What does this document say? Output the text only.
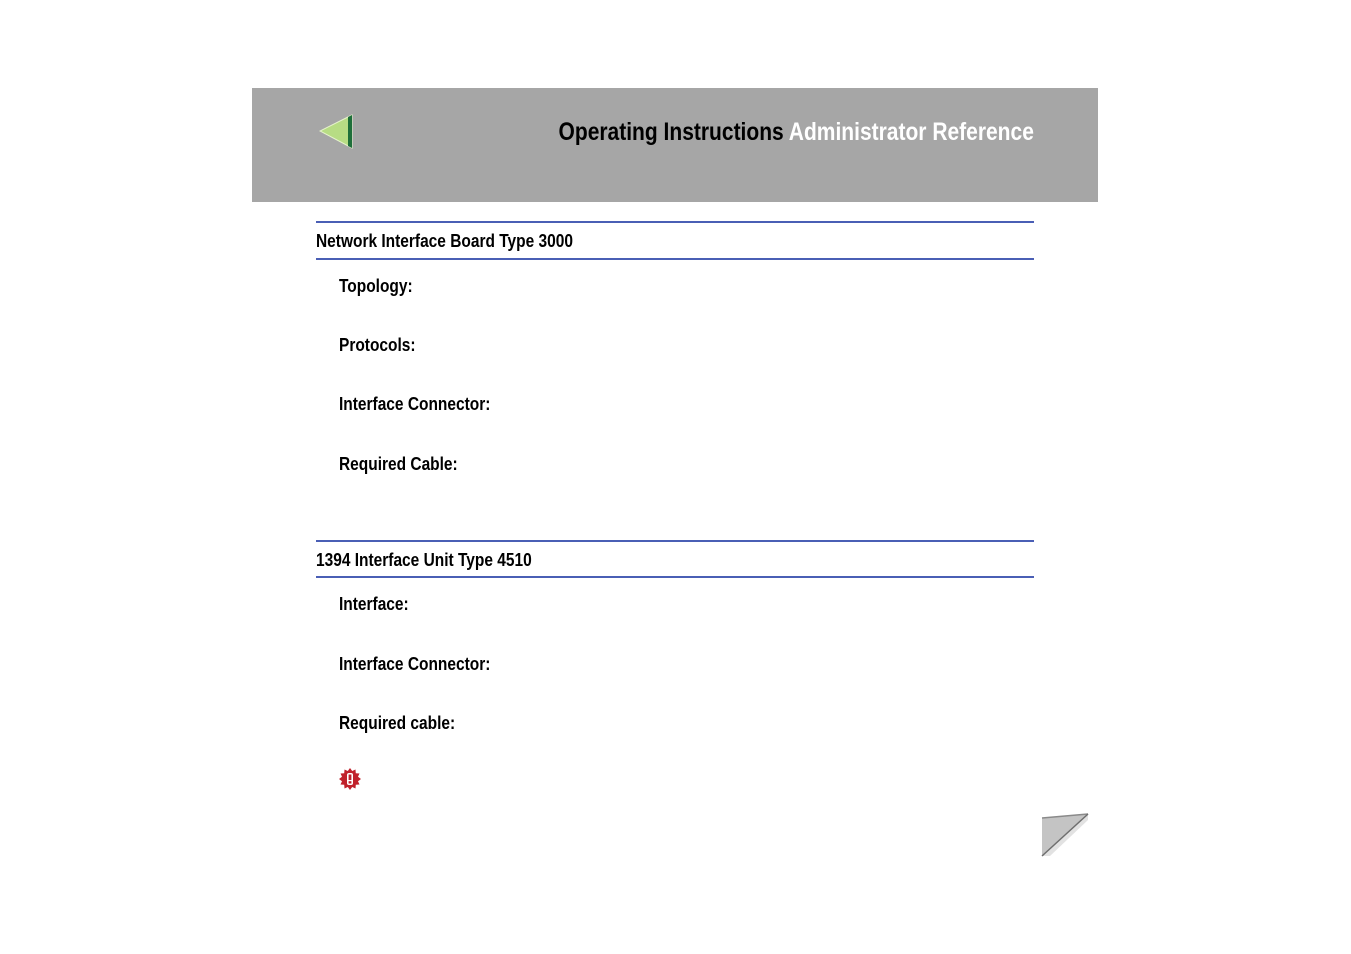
Operating Instructions Administrator Reference
Network Interface Board Type 3000
Topology:
Protocols:
Interface Connector:
Required Cable:
1394 Interface Unit Type 4510
Interface:
Interface Connector:
Required cable:
